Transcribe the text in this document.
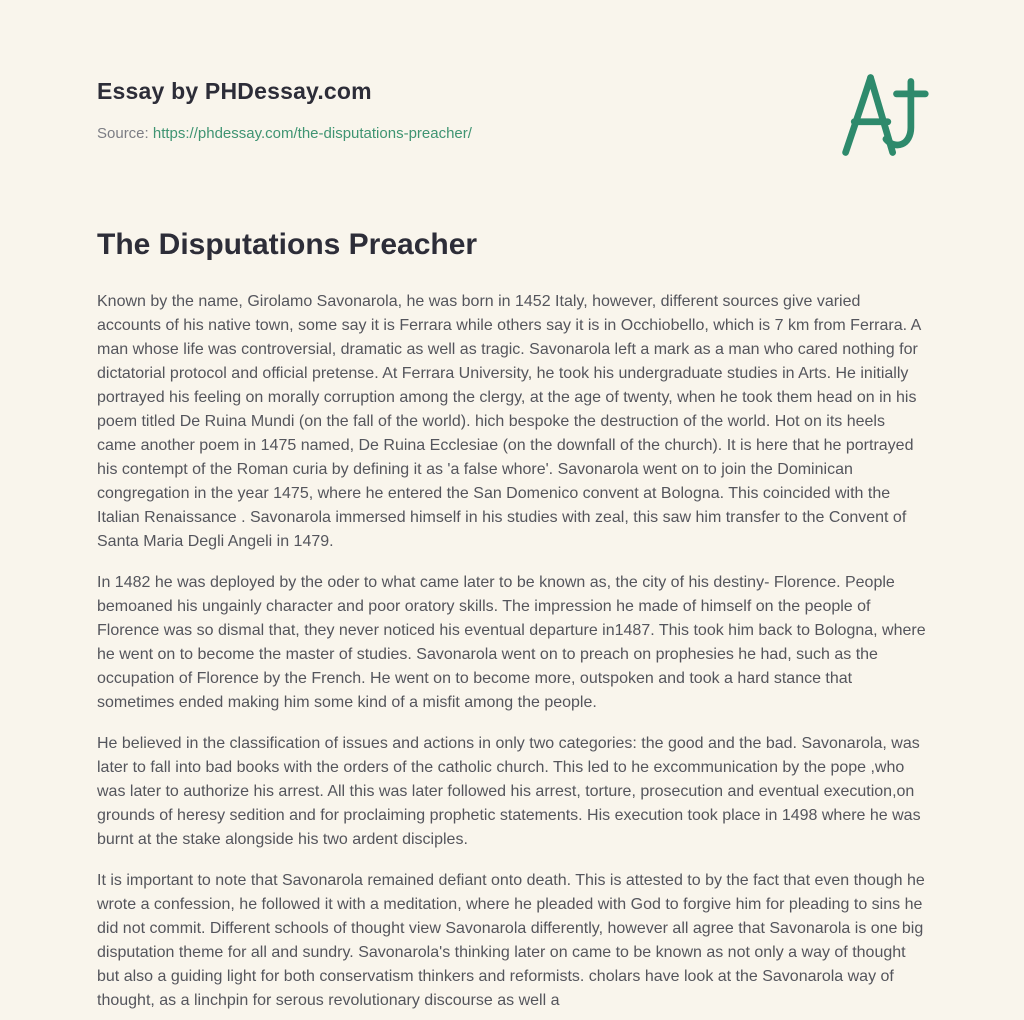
Essay by PHDessay.com
Source: https://phdessay.com/the-disputations-preacher/
The Disputations Preacher

Known by the name, Girolamo Savonarola, he was born in 1452 Italy, however, different sources give varied accounts of his native town, some say it is Ferrara while others say it is in Occhiobello, which is 7 km from Ferrara. A man whose life was controversial, dramatic as well as tragic. Savonarola left a mark as a man who cared nothing for dictatorial protocol and official pretense. At Ferrara University, he took his undergraduate studies in Arts. He initially portrayed his feeling on morally corruption among the clergy, at the age of twenty, when he took them head on in his poem titled De Ruina Mundi (on the fall of the world). hich bespoke the destruction of the world. Hot on its heels came another poem in 1475 named, De Ruina Ecclesiae (on the downfall of the church). It is here that he portrayed his contempt of the Roman curia by defining it as 'a false whore'. Savonarola went on to join the Dominican congregation in the year 1475, where he entered the San Domenico convent at Bologna. This coincided with the Italian Renaissance . Savonarola immersed himself in his studies with zeal, this saw him transfer to the Convent of Santa Maria Degli Angeli in 1479.

In 1482 he was deployed by the oder to what came later to be known as, the city of his destiny- Florence. People bemoaned his ungainly character and poor oratory skills. The impression he made of himself on the people of Florence was so dismal that, they never noticed his eventual departure in1487. This took him back to Bologna, where he went on to become the master of studies. Savonarola went on to preach on prophesies he had, such as the occupation of Florence by the French. He went on to become more, outspoken and took a hard stance that sometimes ended making him some kind of a misfit among the people.

He believed in the classification of issues and actions in only two categories: the good and the bad. Savonarola, was later to fall into bad books with the orders of the catholic church. This led to he excommunication by the pope ,who was later to authorize his arrest. All this was later followed his arrest, torture, prosecution and eventual execution,on grounds of heresy sedition and for proclaiming prophetic statements. His execution took place in 1498 where he was burnt at the stake alongside his two ardent disciples.

It is important to note that Savonarola remained defiant onto death. This is attested to by the fact that even though he wrote a confession, he followed it with a meditation, where he pleaded with God to forgive him for pleading to sins he did not commit. Different schools of thought view Savonarola differently, however all agree that Savonarola is one big disputation theme for all and sundry. Savonarola's thinking later on came to be known as not only a way of thought but also a guiding light for both conservatism thinkers and reformists. cholars have look at the Savonarola way of thought, as a linchpin for serous revolutionary discourse as well a
